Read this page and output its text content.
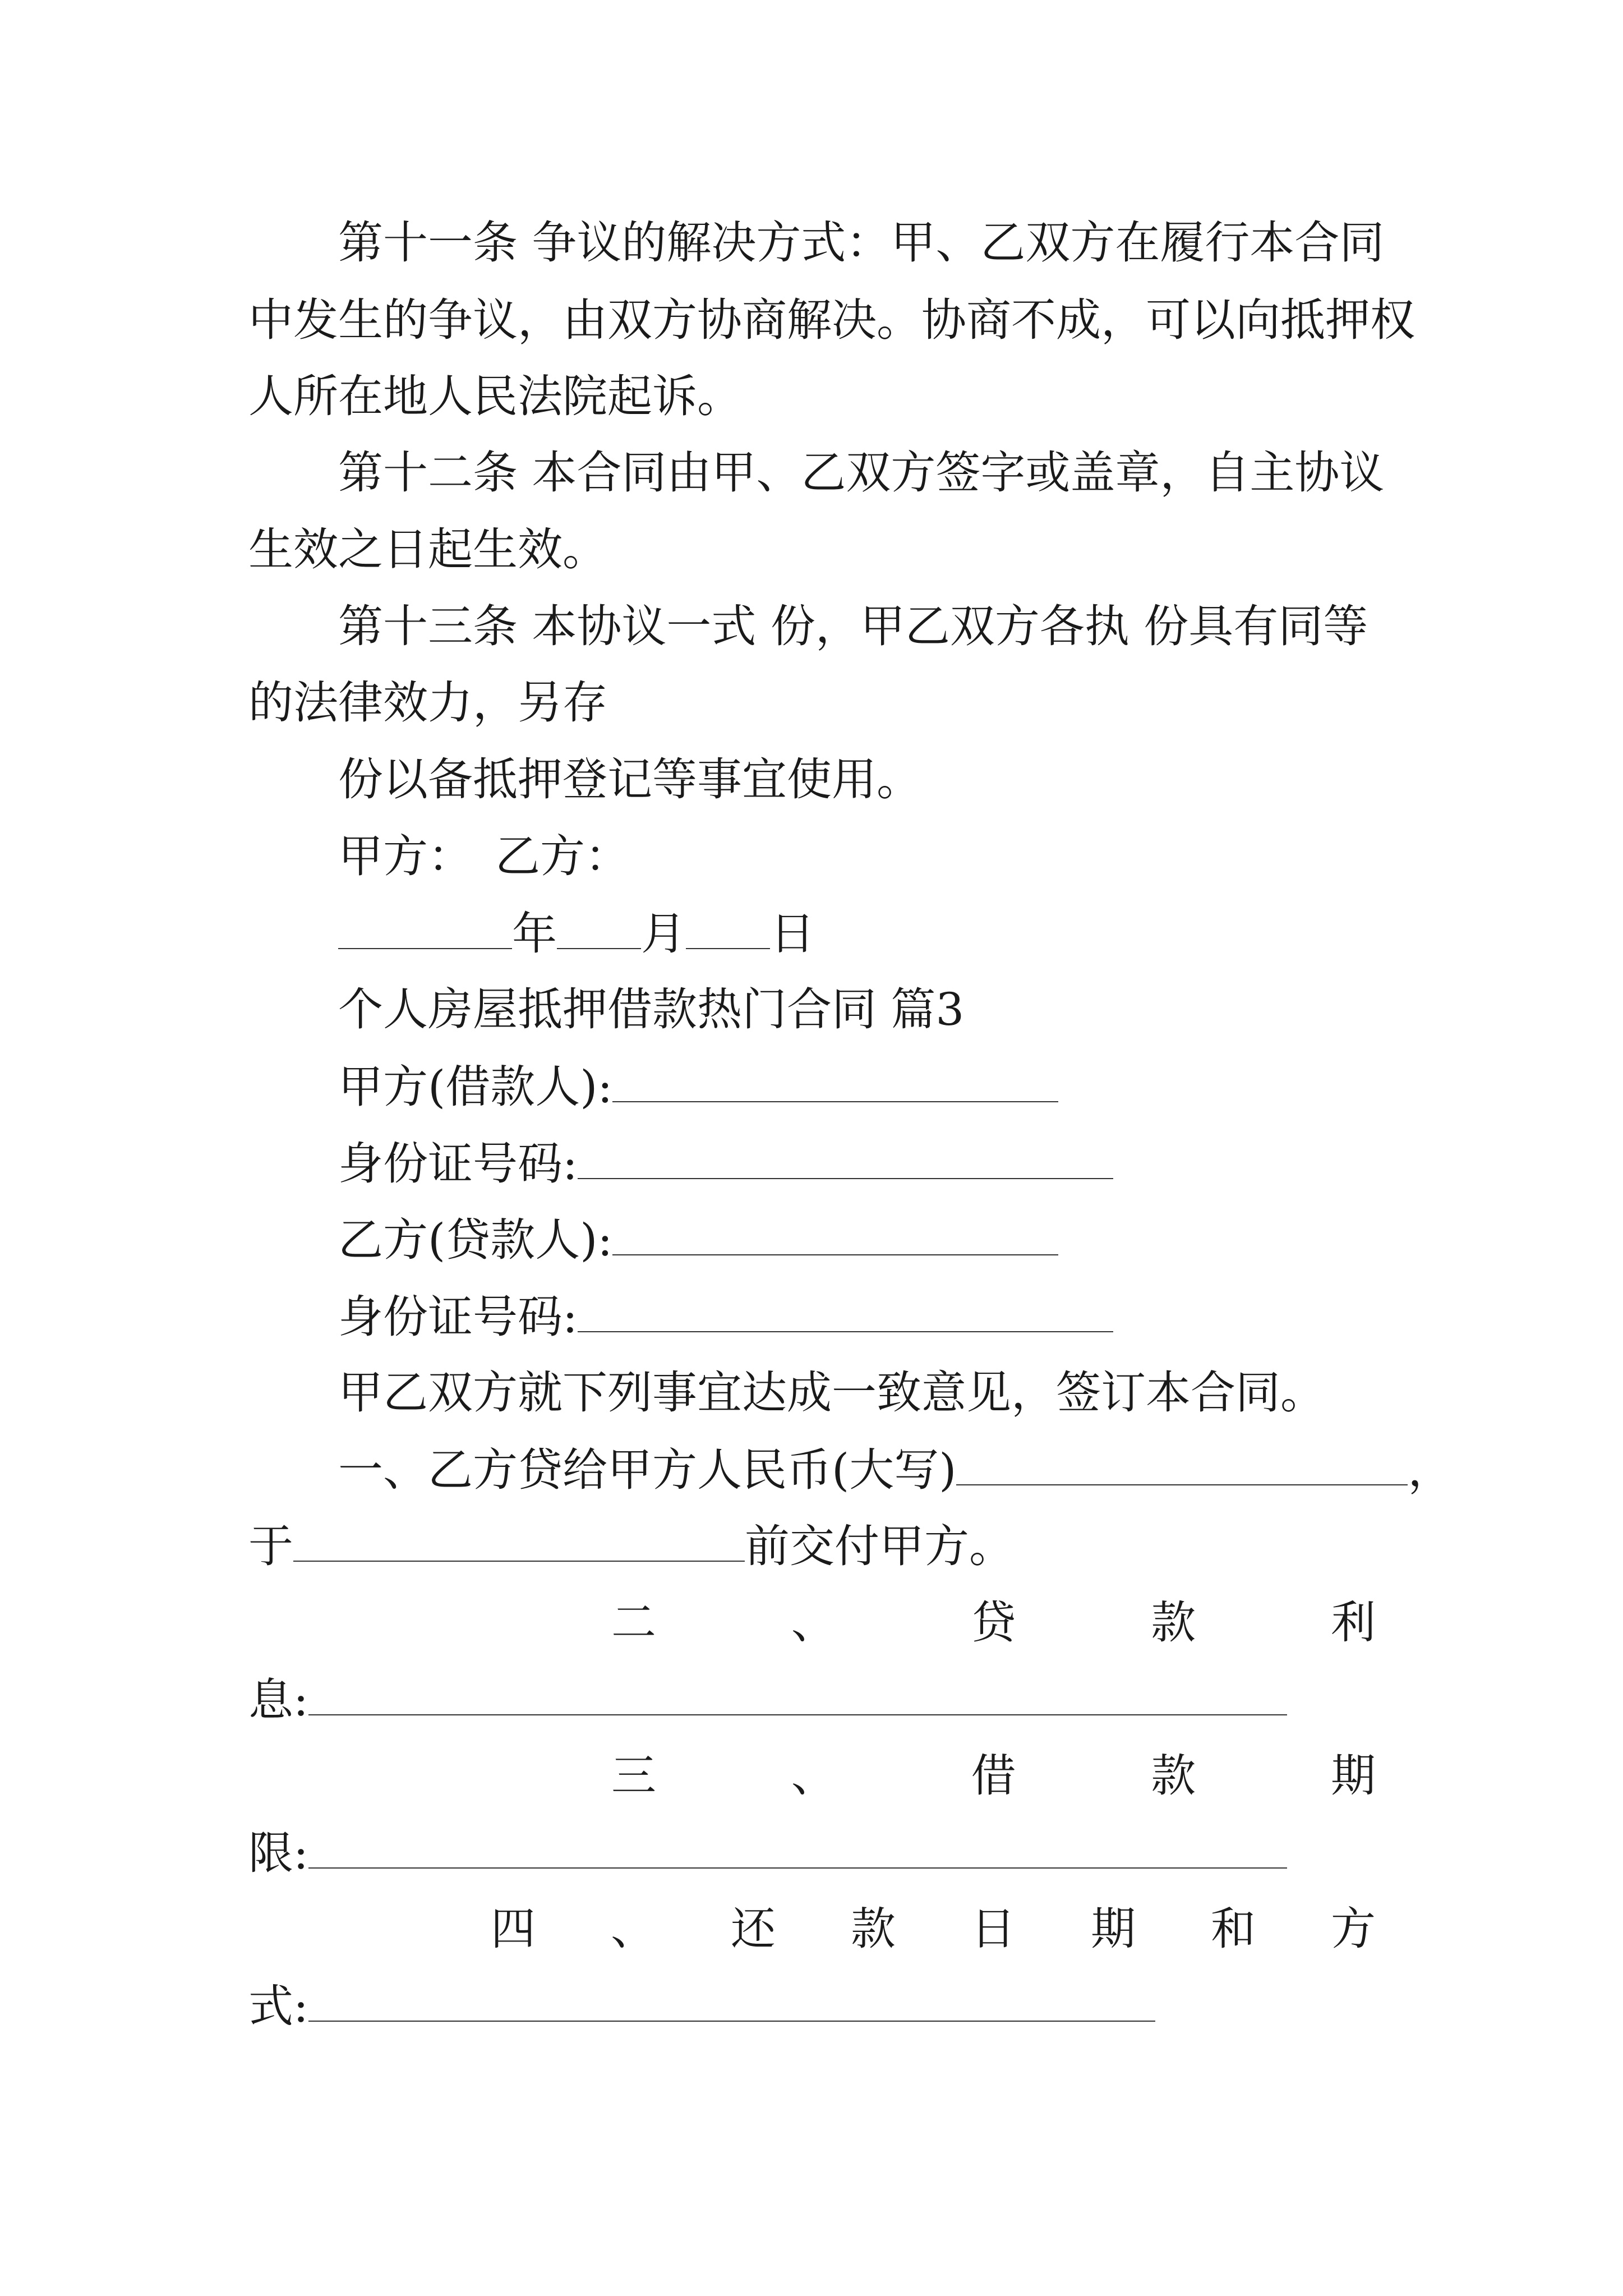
第十一条 争议的解决方式：甲、乙双方在履行本合同
中发生的争议，由双方协商解决。协商不成，可以向抵押权
人所在地人民法院起诉。
第十二条 本合同由甲、乙双方签字或盖章，自主协议
生效之日起生效。
第十三条 本协议一式 份，甲乙双方各执 份具有同等
的法律效力，另存
份以备抵押登记等事宜使用。
甲方： 乙方：
年 月 日
个人房屋抵押借款热门合同 篇3
甲方(借款人):
身份证号码:
乙方(贷款人):
身份证号码:
甲乙双方就下列事宜达成一致意见，签订本合同。
一、乙方贷给甲方人民币(大写)	，
于	前交付甲方。
二	、	贷	款	利
息:
三	、	借	款	期
限:
四 、 还 款 日 期 和 方
式:
